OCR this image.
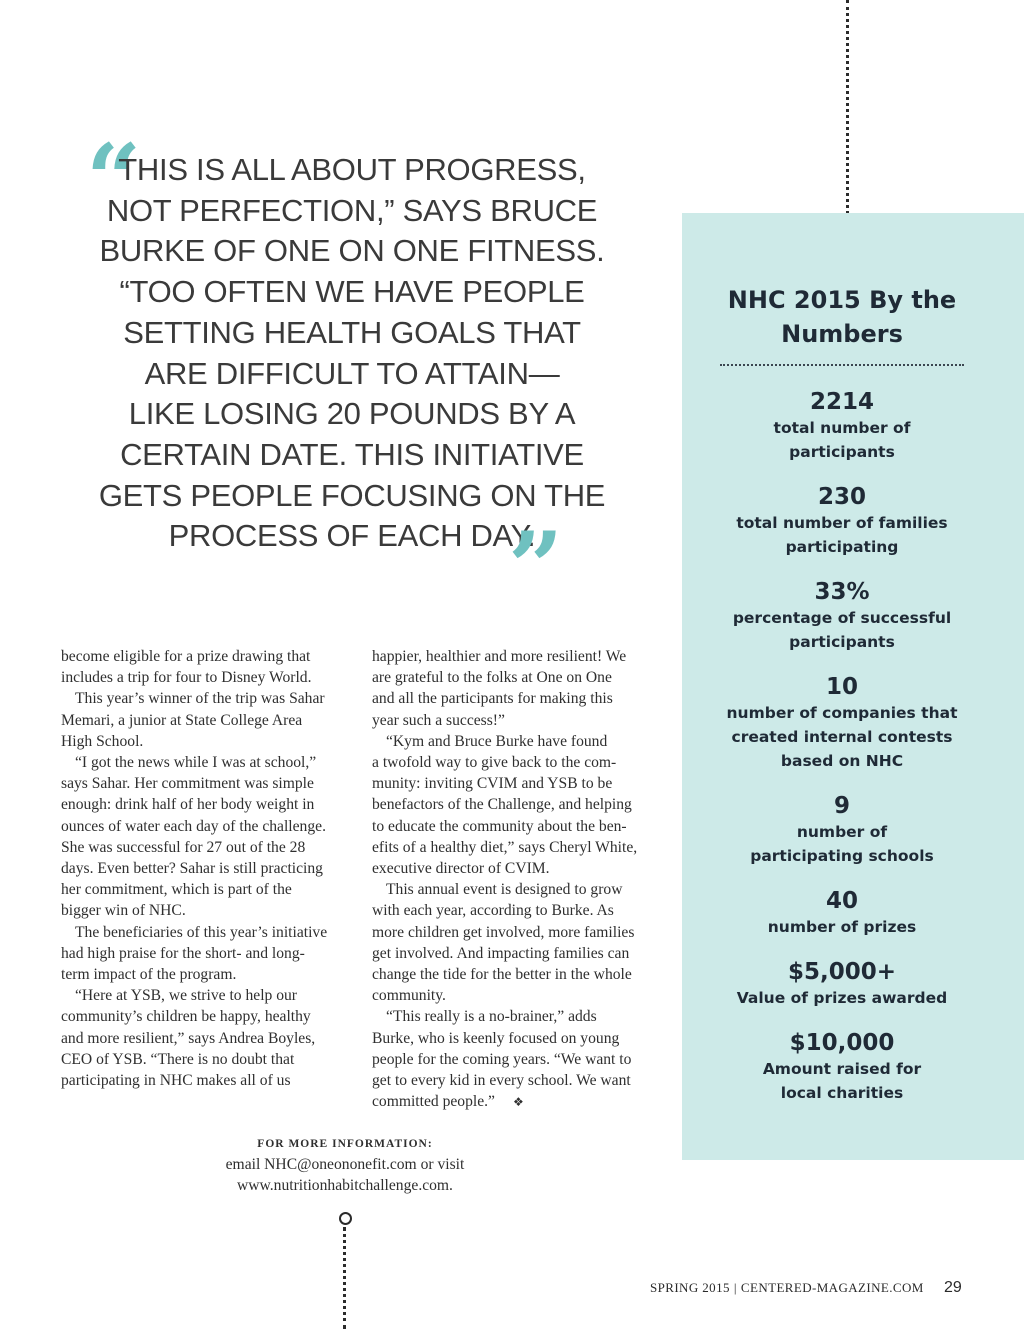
“
THIS IS ALL ABOUT PROGRESS,
NOT PERFECTION,” SAYS BRUCE
BURKE OF ONE ON ONE FITNESS.
“TOO OFTEN WE HAVE PEOPLE
SETTING HEALTH GOALS THAT
ARE DIFFICULT TO ATTAIN—
LIKE LOSING 20 POUNDS BY A
CERTAIN DATE. THIS INITIATIVE
GETS PEOPLE FOCUSING ON THE
PROCESS OF EACH DAY.
”
become eligible for a prize drawing that
includes a trip for four to Disney World.
This year’s winner of the trip was Sahar
Memari, a junior at State College Area
High School.
“I got the news while I was at school,”
says Sahar. Her commitment was simple
enough: drink half of her body weight in
ounces of water each day of the challenge.
She was successful for 27 out of the 28
days. Even better? Sahar is still practicing
her commitment, which is part of the
bigger win of NHC.
The beneficiaries of this year’s initiative
had high praise for the short- and long-
term impact of the program.
“Here at YSB, we strive to help our
community’s children be happy, healthy
and more resilient,” says Andrea Boyles,
CEO of YSB. “There is no doubt that
participating in NHC makes all of us
happier, healthier and more resilient! We
are grateful to the folks at One on One
and all the participants for making this
year such a success!”
“Kym and Bruce Burke have found
a twofold way to give back to the com-
munity: inviting CVIM and YSB to be
benefactors of the Challenge, and helping
to educate the community about the ben-
efits of a healthy diet,” says Cheryl White,
executive director of CVIM.
This annual event is designed to grow
with each year, according to Burke. As
more children get involved, more families
get involved. And impacting families can
change the tide for the better in the whole
community.
“This really is a no-brainer,” adds
Burke, who is keenly focused on young
people for the coming years. “We want to
get to every kid in every school. We want
committed people.” ❖
FOR MORE INFORMATION:
email NHC@oneononefit.com or visit
www.nutritionhabitchallenge.com.
NHC 2015 By the
Numbers
2214
total number of
participants
230
total number of families
participating
33%
percentage of successful
participants
10
number of companies that
created internal contests
based on NHC
9
number of
participating schools
40
number of prizes
$5,000+
Value of prizes awarded
$10,000
Amount raised for
local charities
SPRING 2015 | CENTERED-MAGAZINE.COM	29
